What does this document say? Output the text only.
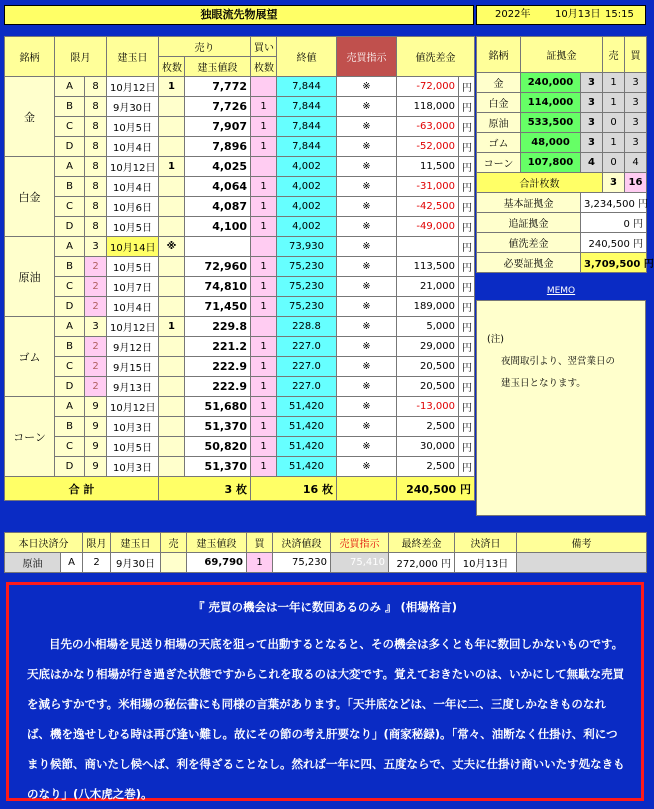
独眼流先物展望	2022年 10月13日 15:15
銘柄	限月		建玉日	売り		買い	終値	売買指示	値洗差金	
				枚数	建玉値段	枚数				
金	A	8	10月12日	1	7,772		7,844	※	-72,000	円
	B	8	9月30日		7,726	1	7,844	※	118,000	円
	C	8	10月5日		7,907	1	7,844	※	-63,000	円
	D	8	10月4日		7,896	1	7,844	※	-52,000	円
白金	A	8	10月12日	1	4,025		4,002	※	11,500	円
	B	8	10月4日		4,064	1	4,002	※	-31,000	円
	C	8	10月6日		4,087	1	4,002	※	-42,500	円
	D	8	10月5日		4,100	1	4,002	※	-49,000	円
原油	A	3	10月14日	※			73,930	※		円
	B	2	10月5日		72,960	1	75,230	※	113,500	円
	C	2	10月7日		74,810	1	75,230	※	21,000	円
	D	2	10月4日		71,450	1	75,230	※	189,000	円
ゴム	A	3	10月12日	1	229.8		228.8	※	5,000	円
	B	2	9月12日		221.2	1	227.0	※	29,000	円
	C	2	9月15日		222.9	1	227.0	※	20,500	円
	D	2	9月13日		222.9	1	227.0	※	20,500	円
コーン	A	9	10月12日		51,680	1	51,420	※	-13,000	円
	B	9	10月3日		51,370	1	51,420	※	2,500	円
	C	9	10月5日		50,820	1	51,420	※	30,000	円
	D	9	10月3日		51,370	1	51,420	※	2,500	円
合 計				3 枚		16 枚			240,500 円	
銘柄	証拠金		売	買
金	240,000	3	1	3
白金	114,000	3	1	3
原油	533,500	3	0	3
ゴム	48,000	3	1	3
コーン	107,800	4	0	4
合計枚数			3	16
基本証拠金		3,234,500 円		
追証拠金		0 円		
値洗差金		240,500 円		
必要証拠金		3,709,500 円		
MEMO
(注)
夜間取引より、翌営業日の
建玉日となります。
本日決済分		限月	建玉日	売	建玉値段	買	決済値段	売買指示	最終差金	決済日	備考
原油	A	2	9月30日		69,790	1	75,230	75,410	272,000 円	10月13日	
『 売買の機会は一年に数回あるのみ 』 (相場格言)
目先の小相場を見送り相場の天底を狙って出動するとなると、その機会は多くとも年に数回しかないものです。天底はかなり相場が行き過ぎた状態ですからこれを取るのは大変です。覚えておきたいのは、いかにして無駄な売買を減らすかです。米相場の秘伝書にも同様の言葉があります。「天井底などは、一年に二、三度しかなきものなれば、機を逸せしむる時は再び逢い難し。故にその節の考え肝要なり」(商家秘録)。「常々、油断なく仕掛け、利につまり候節、商いたし候へば、利を得ざることなし。然れば一年に四、五度ならで、丈夫に仕掛け商いいたす処なきものなり」(八木虎之巻)。
